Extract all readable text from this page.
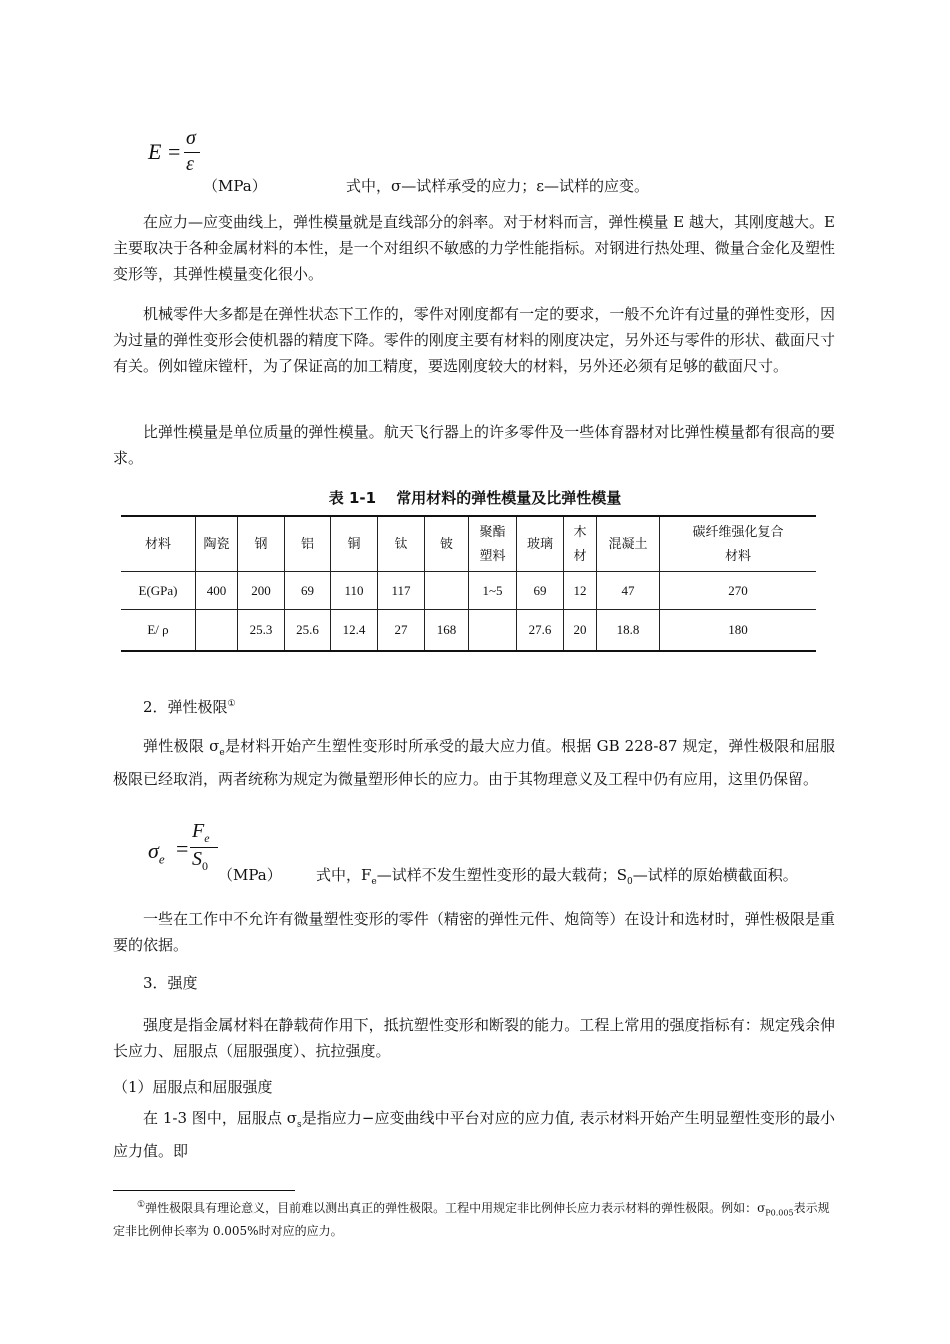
E =
σ
ε
（MPa）	式中，σ—试样承受的应力；ε—试样的应变。
在应力—应变曲线上，弹性模量就是直线部分的斜率。对于材料而言，弹性模量 E 越大，其刚度越大。E 主要取决于各种金属材料的本性，是一个对组织不敏感的力学性能指标。对钢进行热处理、微量合金化及塑性变形等，其弹性模量变化很小。
机械零件大多都是在弹性状态下工作的，零件对刚度都有一定的要求，一般不允许有过量的弹性变形，因为过量的弹性变形会使机器的精度下降。零件的刚度主要有材料的刚度决定，另外还与零件的形状、截面尺寸有关。例如镗床镗杆，为了保证高的加工精度，要选刚度较大的材料，另外还必须有足够的截面尺寸。
比弹性模量是单位质量的弹性模量。航天飞行器上的许多零件及一些体育器材对比弹性模量都有很高的要求。
表 1-1　 常用材料的弹性模量及比弹性模量
材料	陶瓷	钢	铝	铜	钛	铍	聚酯塑料	玻璃	木材	混凝土	碳纤维强化复合材料

E(GPa)	400	200	69	110	117		1~5	69	12	47	270
E/ ρ		25.3	25.6	12.4	27	168		27.6	20	18.8	180
2．弹性极限①
弹性极限 $\sigma_e$是材料开始产生塑性变形时所承受的最大应力值。根据 GB 228-87 规定，弹性极限和屈服极限已经取消，两者统称为规定为微量塑形伸长的应力。由于其物理意义及工程中仍有应用，这里仍保留。
$\sigma_e$ =
$F_e$
$S_0$ （MPa） 式中，$F_e—$试样不发生塑性变形的最大载荷；$S_0—$试样的原始横截面积。
一些在工作中不允许有微量塑性变形的零件（精密的弹性元件、炮筒等）在设计和选材时，弹性极限是重要的依据。
3．强度
强度是指金属材料在静载荷作用下，抵抗塑性变形和断裂的能力。工程上常用的强度指标有：规定残余伸长应力、屈服点（屈服强度）、抗拉强度。
（1）屈服点和屈服强度
在 1-3 图中，屈服点 $\sigma_s$是指应力−应变曲线中平台对应的应力值, 表示材料开始产生明显塑性变形的最小应力值。即
①弹性极限具有理论意义，目前难以测出真正的弹性极限。工程中用规定非比例伸长应力表示材料的弹性极限。例如：$\sigma_{P0.005}$表示规定非比例伸长率为 0.005%时对应的应力。
